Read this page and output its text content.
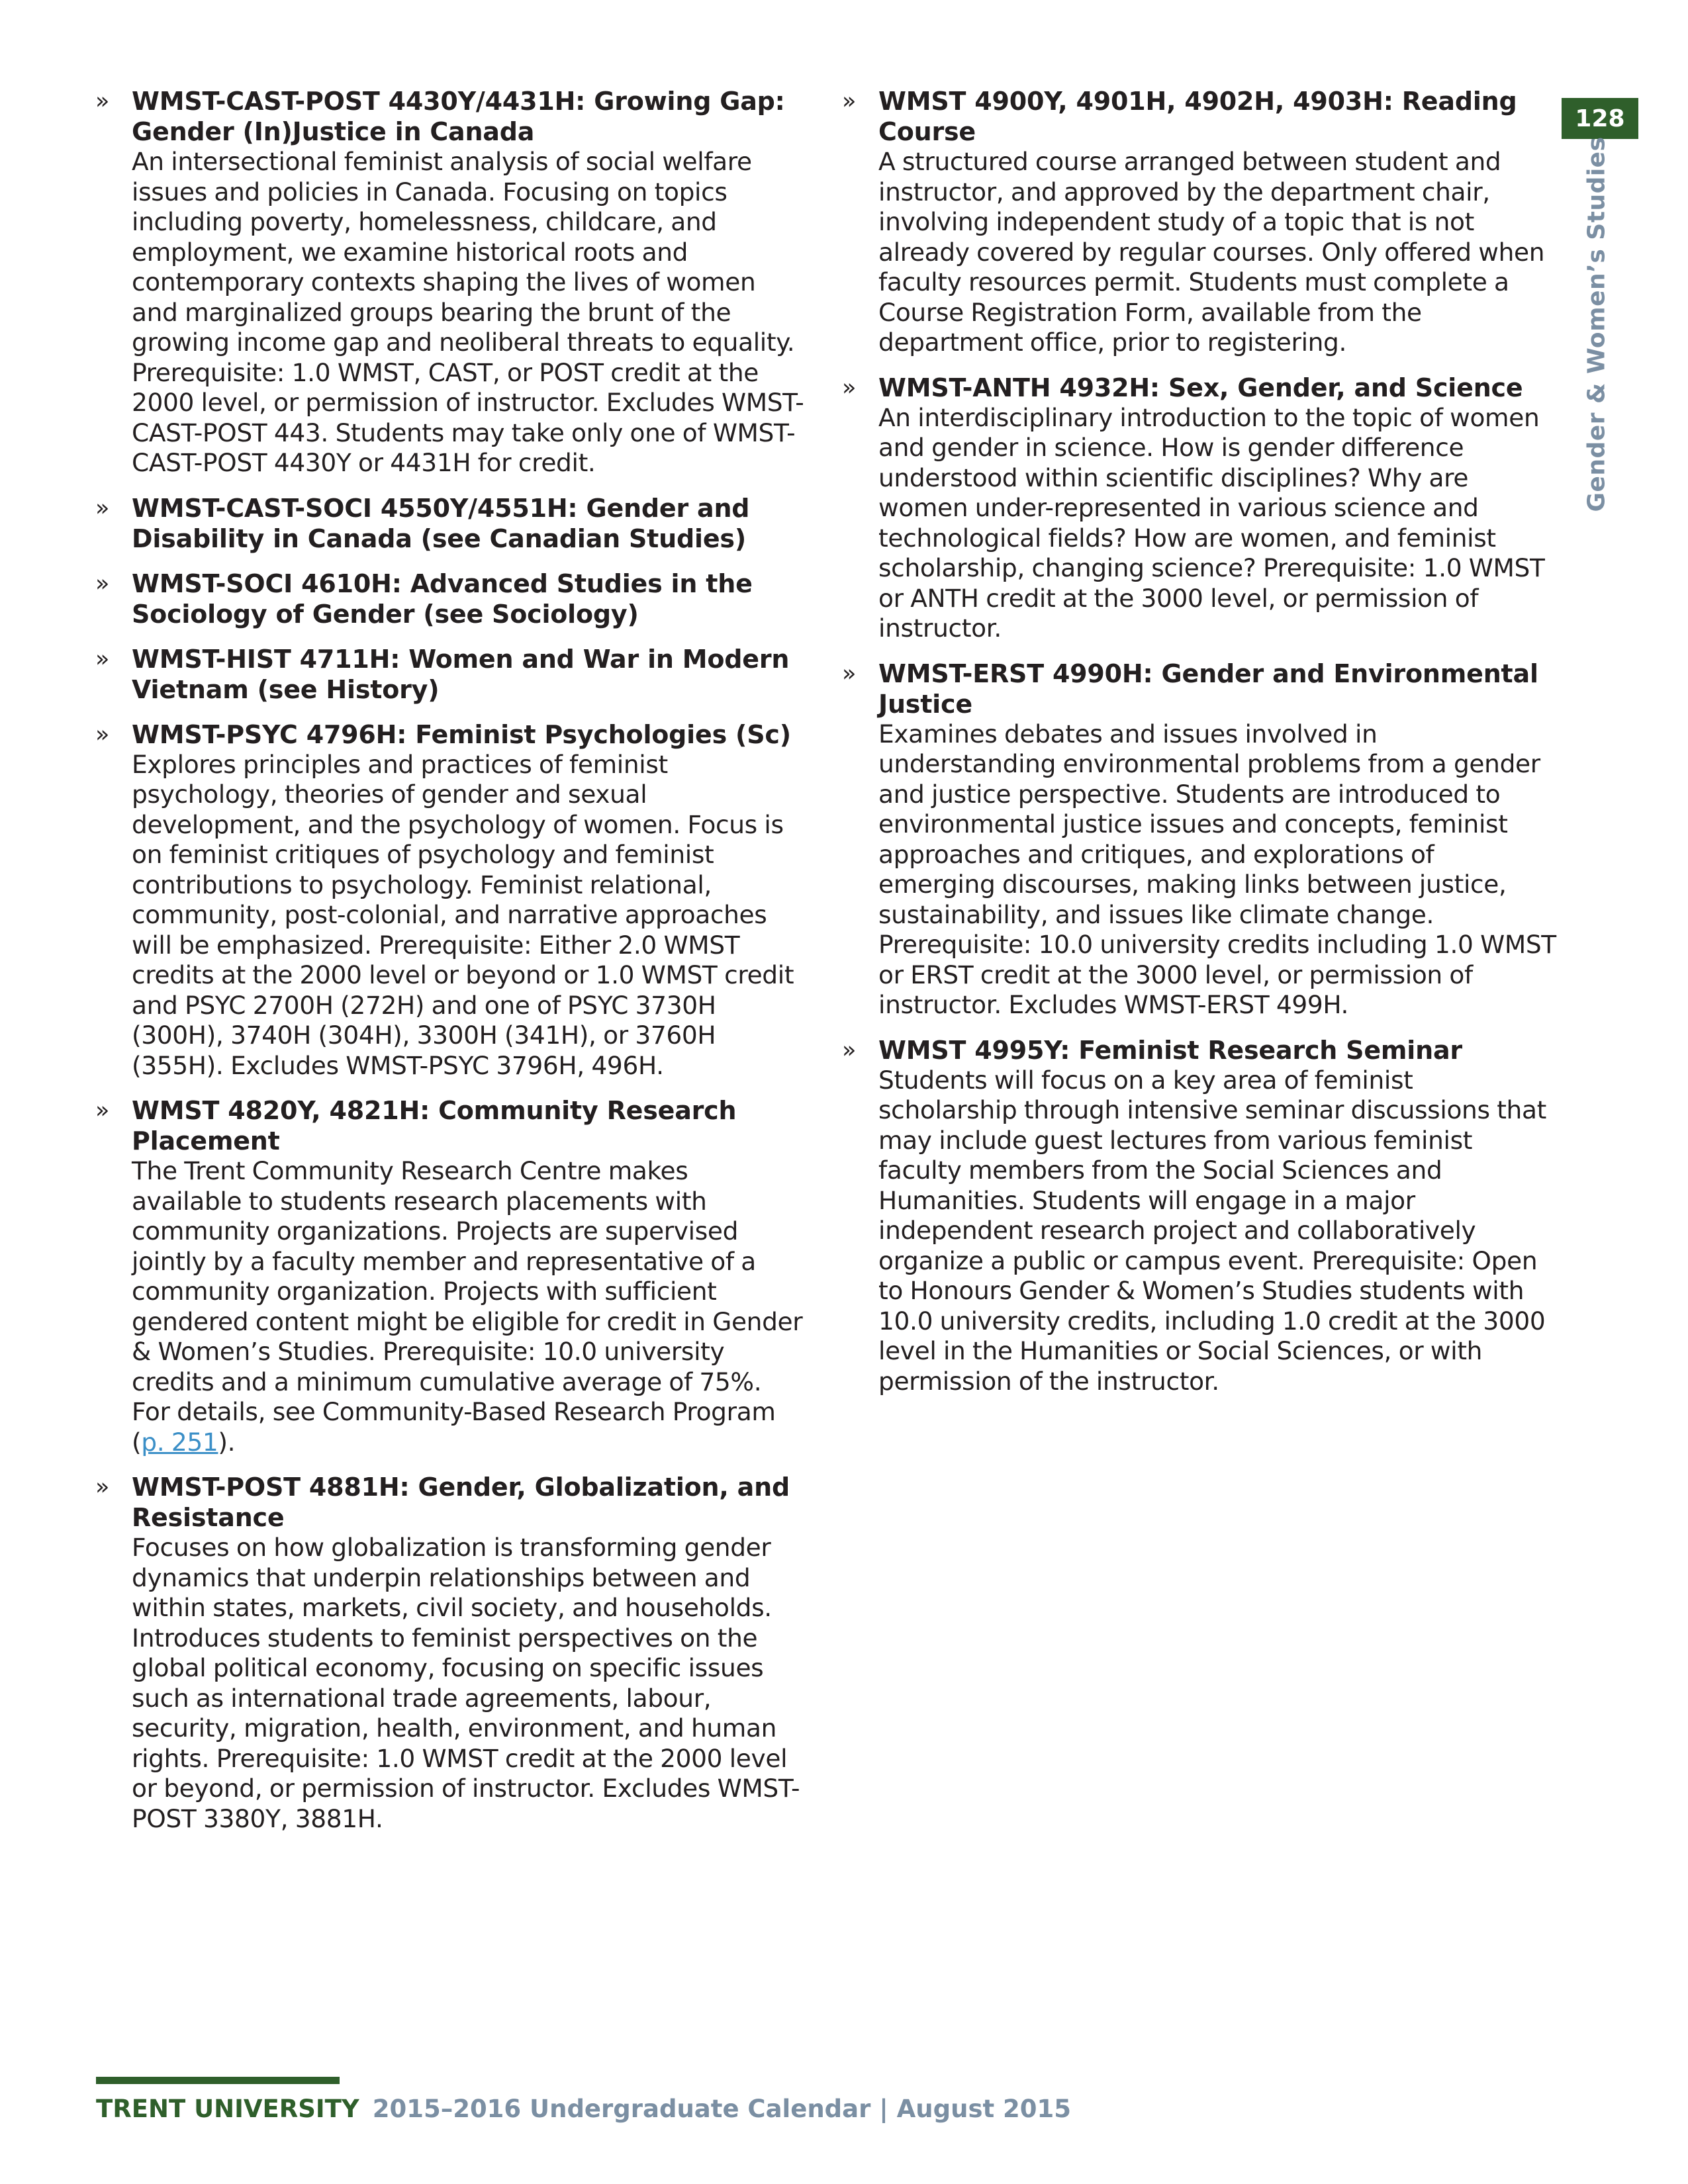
» WMST-CAST-POST 4430Y/4431H: Growing Gap: Gender (In)Justice in Canada

An intersectional feminist analysis of social welfare issues and policies in Canada. Focusing on topics including poverty, homelessness, childcare, and employment, we examine historical roots and contemporary contexts shaping the lives of women and marginalized groups bearing the brunt of the growing income gap and neoliberal threats to equality. Prerequisite: 1.0 WMST, CAST, or POST credit at the 2000 level, or permission of instructor. Excludes WMST-CAST-POST 443. Students may take only one of WMST-CAST-POST 4430Y or 4431H for credit.

» WMST-CAST-SOCI 4550Y/4551H: Gender and Disability in Canada (see Canadian Studies)

» WMST-SOCI 4610H: Advanced Studies in the Sociology of Gender (see Sociology)

» WMST-HIST 4711H: Women and War in Modern Vietnam (see History)

» WMST-PSYC 4796H: Feminist Psychologies (Sc)

Explores principles and practices of feminist psychology, theories of gender and sexual development, and the psychology of women. Focus is on feminist critiques of psychology and feminist contributions to psychology. Feminist relational, community, post-colonial, and narrative approaches will be emphasized. Prerequisite: Either 2.0 WMST credits at the 2000 level or beyond or 1.0 WMST credit and PSYC 2700H (272H) and one of PSYC 3730H (300H), 3740H (304H), 3300H (341H), or 3760H (355H). Excludes WMST-PSYC 3796H, 496H.

» WMST 4820Y, 4821H: Community Research Placement

The Trent Community Research Centre makes available to students research placements with community organizations. Projects are supervised jointly by a faculty member and representative of a community organization. Projects with sufficient gendered content might be eligible for credit in Gender & Women’s Studies. Prerequisite: 10.0 university credits and a minimum cumulative average of 75%. For details, see Community-Based Research Program (p. 251).

» WMST-POST 4881H: Gender, Globalization, and Resistance

Focuses on how globalization is transforming gender dynamics that underpin relationships between and within states, markets, civil society, and households. Introduces students to feminist perspectives on the global political economy, focusing on specific issues such as international trade agreements, labour, security, migration, health, environment, and human rights. Prerequisite: 1.0 WMST credit at the 2000 level or beyond, or permission of instructor. Excludes WMST-POST 3380Y, 3881H.

» WMST 4900Y, 4901H, 4902H, 4903H: Reading Course

A structured course arranged between student and instructor, and approved by the department chair, involving independent study of a topic that is not already covered by regular courses. Only offered when faculty resources permit. Students must complete a Course Registration Form, available from the department office, prior to registering.

» WMST-ANTH 4932H: Sex, Gender, and Science

An interdisciplinary introduction to the topic of women and gender in science. How is gender difference understood within scientific disciplines? Why are women under-represented in various science and technological fields? How are women, and feminist scholarship, changing science? Prerequisite: 1.0 WMST or ANTH credit at the 3000 level, or permission of instructor.

» WMST-ERST 4990H: Gender and Environmental Justice

Examines debates and issues involved in understanding environmental problems from a gender and justice perspective. Students are introduced to environmental justice issues and concepts, feminist approaches and critiques, and explorations of emerging discourses, making links between justice, sustainability, and issues like climate change. Prerequisite: 10.0 university credits including 1.0 WMST or ERST credit at the 3000 level, or permission of instructor. Excludes WMST-ERST 499H.

» WMST 4995Y: Feminist Research Seminar

Students will focus on a key area of feminist scholarship through intensive seminar discussions that may include guest lectures from various feminist faculty members from the Social Sciences and Humanities. Students will engage in a major independent research project and collaboratively organize a public or campus event. Prerequisite: Open to Honours Gender & Women’s Studies students with 10.0 university credits, including 1.0 credit at the 3000 level in the Humanities or Social Sciences, or with permission of the instructor.

128
Gender & Women’s Studies
TRENT UNIVERSITY 2015–2016 Undergraduate Calendar | August 2015
